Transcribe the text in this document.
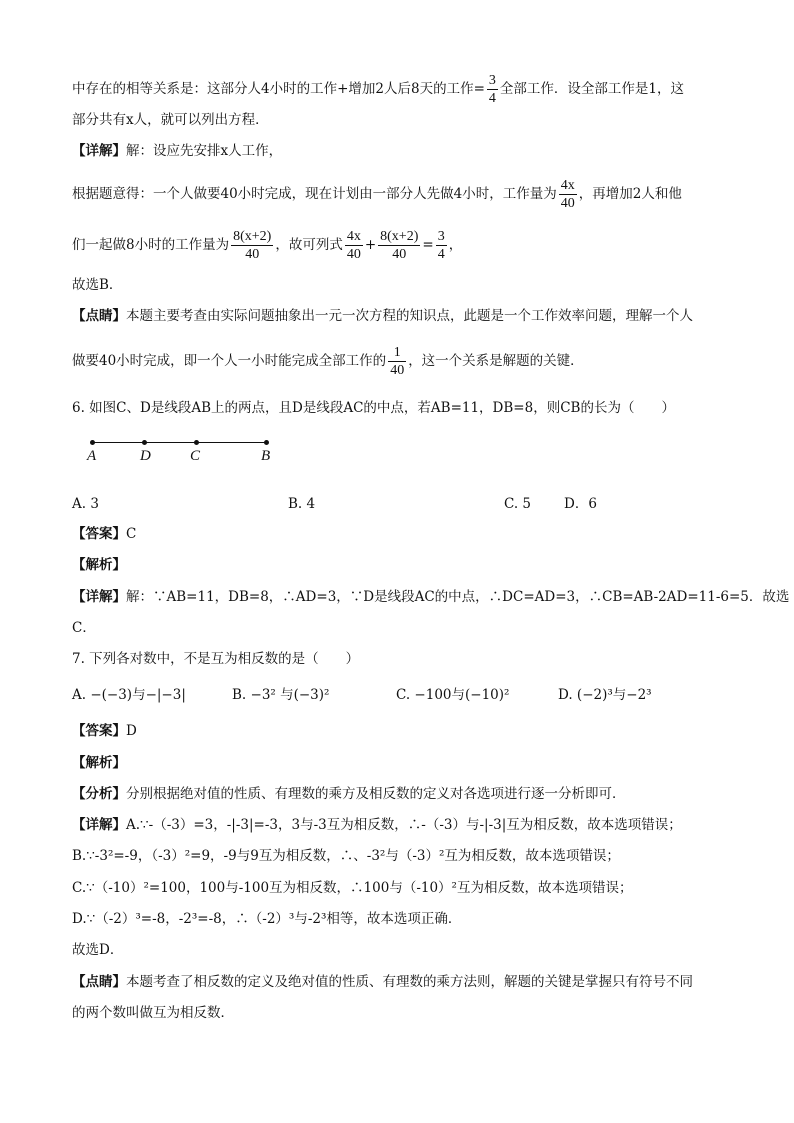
中存在的相等关系是：这部分人4小时的工作+增加2人后8天的工作= $\frac{3}{4}$ 全部工作．设全部工作是1，这
部分共有x人，就可以列出方程．
【详解】解：设应先安排x人工作，
根据题意得：一个人做要40小时完成，现在计划由一部分人先做4小时，工作量为 $\frac{4x}{40}$ ，再增加2人和他
们一起做8小时的工作量为 $\frac{8(x+2)}{40}$ ，故可列式 $\frac{4x}{40} + \frac{8(x+2)}{40} = \frac{3}{4}$ ，
故选B．
【点睛】本题主要考查由实际问题抽象出一元一次方程的知识点，此题是一个工作效率问题，理解一个人
做要40小时完成，即一个人一小时能完成全部工作的 $\frac{1}{40}$ ，这一个关系是解题的关键．
6. 如图C、D是线段AB上的两点，且D是线段AC的中点，若AB=11，DB=8，则CB的长为（　　）
A	D	C	B
A. 3	B. 4	C. 5 D．6
【答案】C
【解析】
【详解】解：∵AB=11，DB=8，∴AD=3，∵D是线段AC的中点，∴DC=AD=3，∴CB=AB-2AD=11-6=5．故选
C．
7. 下列各对数中，不是互为相反数的是（　　）
A. −(−3)与−|−3|	B. −3² 与(−3)²	C. −100与(−10)²	D. (−2)³与−2³
【答案】D
【解析】
【分析】分别根据绝对值的性质、有理数的乘方及相反数的定义对各选项进行逐一分析即可．
【详解】A.∵-（-3）=3，-|-3|=-3，3与-3互为相反数，∴-（-3）与-|-3|互为相反数，故本选项错误；
B.∵-3²=-9，（-3）²=9，-9与9互为相反数，∴、-3²与（-3）²互为相反数，故本选项错误；
C.∵（-10）²=100，100与-100互为相反数，∴100与（-10）²互为相反数，故本选项错误；
D.∵（-2）³=-8，-2³=-8，∴（-2）³与-2³相等，故本选项正确．
故选D．
【点睛】本题考查了相反数的定义及绝对值的性质、有理数的乘方法则，解题的关键是掌握只有符号不同
的两个数叫做互为相反数．
